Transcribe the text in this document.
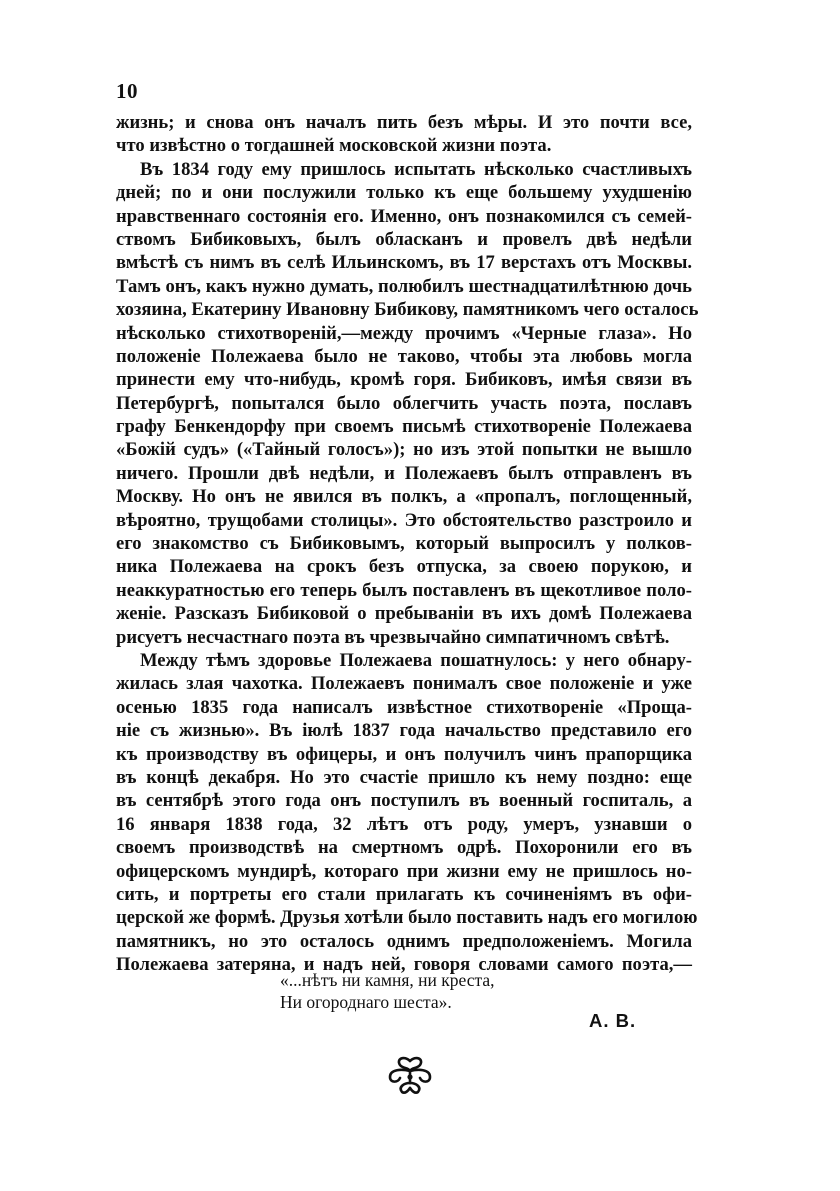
10
жизнь; и снова онъ началъ пить безъ мѣры. И это почти все,
что извѣстно о тогдашней московской жизни поэта.
Въ 1834 году ему пришлось испытать нѣсколько счастливыхъ
дней; по и они послужили только къ еще большему ухудшенію
нравственнаго состоянія его. Именно, онъ познакомился съ семей-
ствомъ Бибиковыхъ, былъ обласканъ и провелъ двѣ недѣли
вмѣстѣ съ нимъ въ селѣ Ильинскомъ, въ 17 верстахъ отъ Москвы.
Тамъ онъ, какъ нужно думать, полюбилъ шестнадцатилѣтнюю дочь
хозяина, Екатерину Ивановну Бибикову, памятникомъ чего осталось
нѣсколько стихотвореній,—между прочимъ «Черные глаза». Но
положеніе Полежаева было не таково, чтобы эта любовь могла
принести ему что-нибудь, кромѣ горя. Бибиковъ, имѣя связи въ
Петербургѣ, попытался было облегчить участь поэта, пославъ
графу Бенкендорфу при своемъ письмѣ стихотвореніе Полежаева
«Божій судъ» («Тайный голосъ»); но изъ этой попытки не вышло
ничего. Прошли двѣ недѣли, и Полежаевъ былъ отправленъ въ
Москву. Но онъ не явился въ полкъ, а «пропалъ, поглощенный,
вѣроятно, трущобами столицы». Это обстоятельство разстроило и
его знакомство съ Бибиковымъ, который выпросилъ у полков-
ника Полежаева на срокъ безъ отпуска, за своею порукою, и
неаккуратностью его теперь былъ поставленъ въ щекотливое поло-
женіе. Разсказъ Бибиковой о пребываніи въ ихъ домѣ Полежаева
рисуетъ несчастнаго поэта въ чрезвычайно симпатичномъ свѣтѣ.
Между тѣмъ здоровье Полежаева пошатнулось: у него обнару-
жилась злая чахотка. Полежаевъ понималъ свое положеніе и уже
осенью 1835 года написалъ извѣстное стихотвореніе «Проща-
ніе съ жизнью». Въ іюлѣ 1837 года начальство представило его
къ производству въ офицеры, и онъ получилъ чинъ прапорщика
въ концѣ декабря. Но это счастіе пришло къ нему поздно: еще
въ сентябрѣ этого года онъ поступилъ въ военный госпиталь, а
16 января 1838 года, 32 лѣтъ отъ роду, умеръ, узнавши о
своемъ производствѣ на смертномъ одрѣ. Похоронили его въ
офицерскомъ мундирѣ, котораго при жизни ему не пришлось но-
сить, и портреты его стали прилагать къ сочиненіямъ въ офи-
церской же формѣ. Друзья хотѣли было поставить надъ его могилою
памятникъ, но это осталось однимъ предположеніемъ. Могила
Полежаева затеряна, и надъ ней, говоря словами самого поэта,—
«...нѣтъ ни камня, ни креста,
Ни огороднаго шеста».
А. В.
